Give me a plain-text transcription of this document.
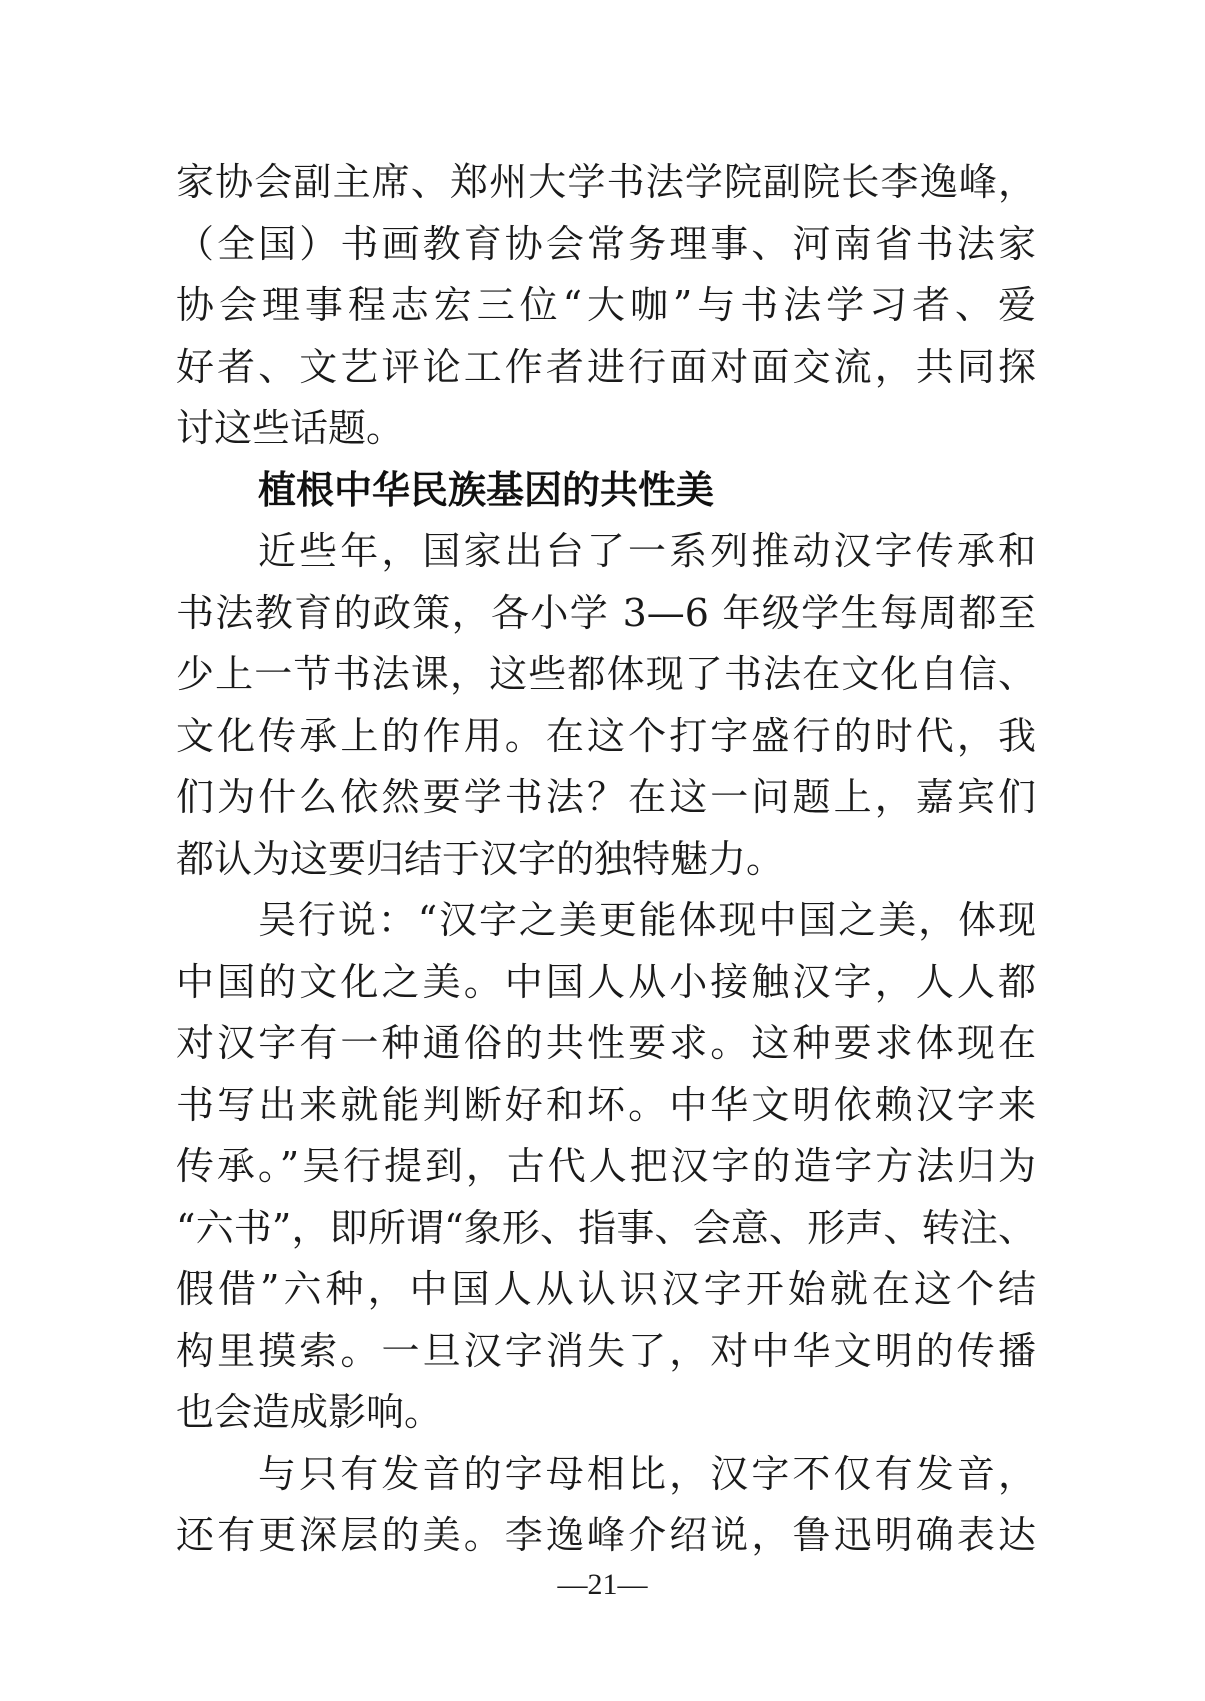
家协会副主席、郑州大学书法学院副院长李逸峰，
（全国）书画教育协会常务理事、河南省书法家
协会理事程志宏三位“大咖”与书法学习者、爱
好者、文艺评论工作者进行面对面交流，共同探
讨这些话题。
植根中华民族基因的共性美
近些年，国家出台了一系列推动汉字传承和
书法教育的政策，各小学 3—6 年级学生每周都至
少上一节书法课，这些都体现了书法在文化自信、
文化传承上的作用。在这个打字盛行的时代，我
们为什么依然要学书法？在这一问题上，嘉宾们
都认为这要归结于汉字的独特魅力。
吴行说：“汉字之美更能体现中国之美，体现
中国的文化之美。中国人从小接触汉字，人人都
对汉字有一种通俗的共性要求。这种要求体现在
书写出来就能判断好和坏。中华文明依赖汉字来
传承。”吴行提到，古代人把汉字的造字方法归为
“六书”，即所谓“象形、指事、会意、形声、转注、
假借”六种，中国人从认识汉字开始就在这个结
构里摸索。一旦汉字消失了，对中华文明的传播
也会造成影响。
与只有发音的字母相比，汉字不仅有发音，
还有更深层的美。李逸峰介绍说，鲁迅明确表达
—21—
